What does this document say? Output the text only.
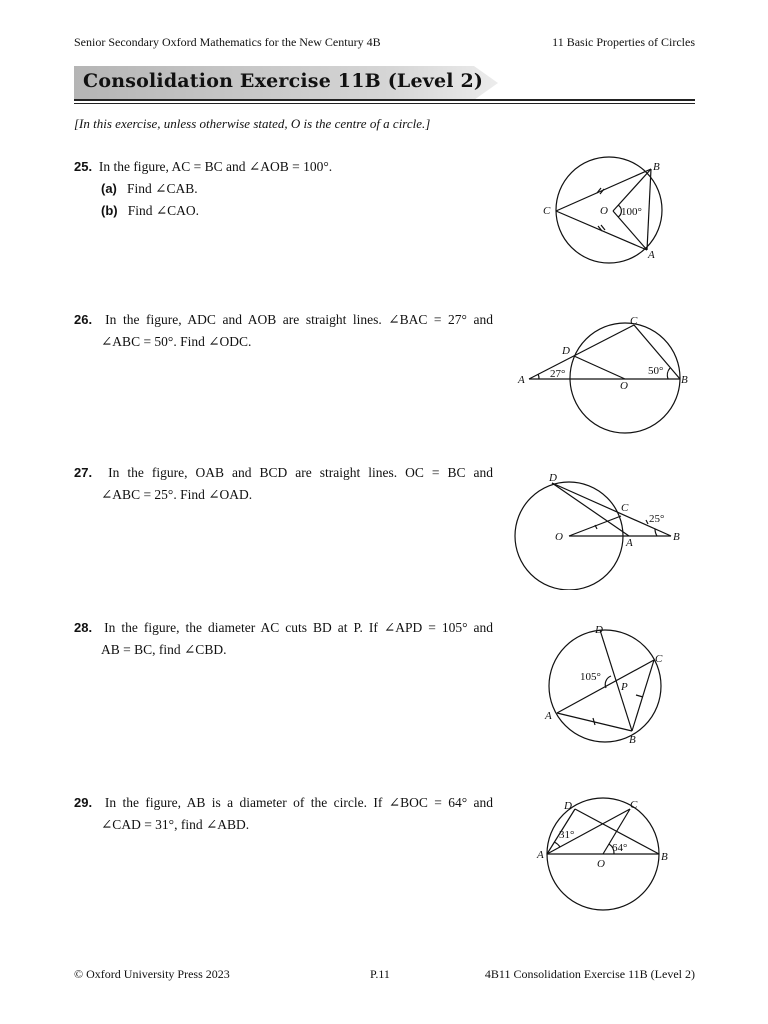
Senior Secondary Oxford Mathematics for the New Century 4B	11 Basic Properties of Circles
Consolidation Exercise 11B (Level 2)
[In this exercise, unless otherwise stated, O is the centre of a circle.]
25. In the figure, AC = BC and ∠AOB = 100°.
(a) Find ∠CAB.
(b) Find ∠CAO.
B
C	O 100°
A
26. In the figure, ADC and AOB are straight lines. ∠BAC = 27° and
∠ABC = 50°. Find ∠ODC.
C
D
A	O	B
27°	50°
27. In the figure, OAB and BCD are straight lines. OC = BC and
∠ABC = 25°. Find ∠OAD.
D
C
O	A	B
25°
28. In the figure, the diameter AC cuts BD at P. If ∠APD = 105° and
AB = BC, find ∠CBD.
D
C
P
A
B
105°
29. In the figure, AB is a diameter of the circle. If ∠BOC = 64° and
∠CAD = 31°, find ∠ABD.
D	C
A
O
B
31°
64°
© Oxford University Press 2023	P.11	4B11 Consolidation Exercise 11B (Level 2)
